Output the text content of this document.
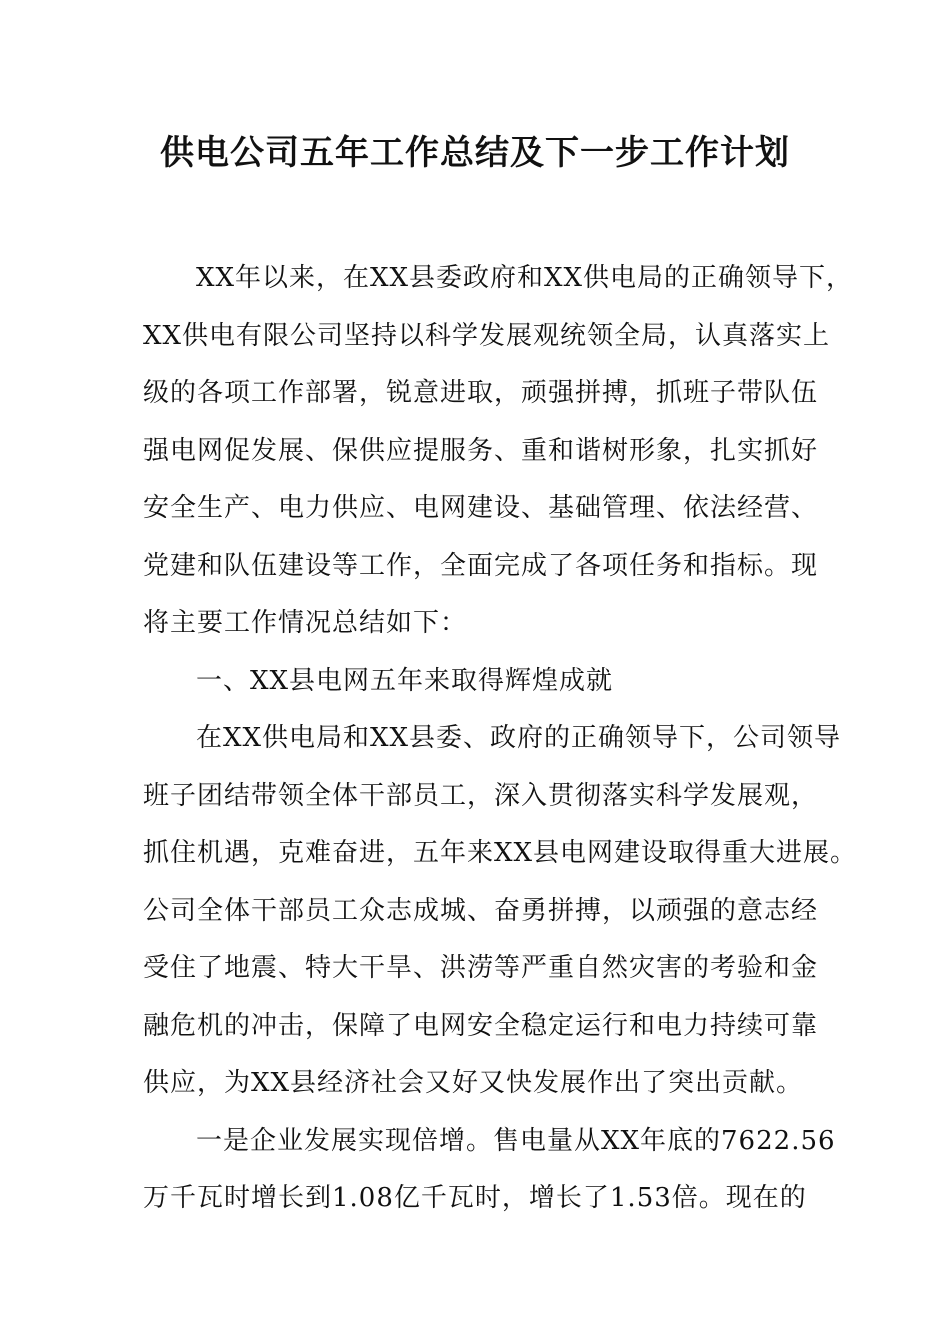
供电公司五年工作总结及下一步工作计划
XX年以来，在XX县委政府和XX供电局的正确领导下，
XX供电有限公司坚持以科学发展观统领全局，认真落实上
级的各项工作部署，锐意进取，顽强拼搏，抓班子带队伍
强电网促发展、保供应提服务、重和谐树形象，扎实抓好
安全生产、电力供应、电网建设、基础管理、依法经营、
党建和队伍建设等工作，全面完成了各项任务和指标。现
将主要工作情况总结如下：
一、XX县电网五年来取得辉煌成就
在XX供电局和XX县委、政府的正确领导下，公司领导
班子团结带领全体干部员工，深入贯彻落实科学发展观，
抓住机遇，克难奋进，五年来XX县电网建设取得重大进展。
公司全体干部员工众志成城、奋勇拼搏，以顽强的意志经
受住了地震、特大干旱、洪涝等严重自然灾害的考验和金
融危机的冲击，保障了电网安全稳定运行和电力持续可靠
供应，为XX县经济社会又好又快发展作出了突出贡献。
一是企业发展实现倍增。售电量从XX年底的7622.56
万千瓦时增长到1.08亿千瓦时，增长了1.53倍。现在的
